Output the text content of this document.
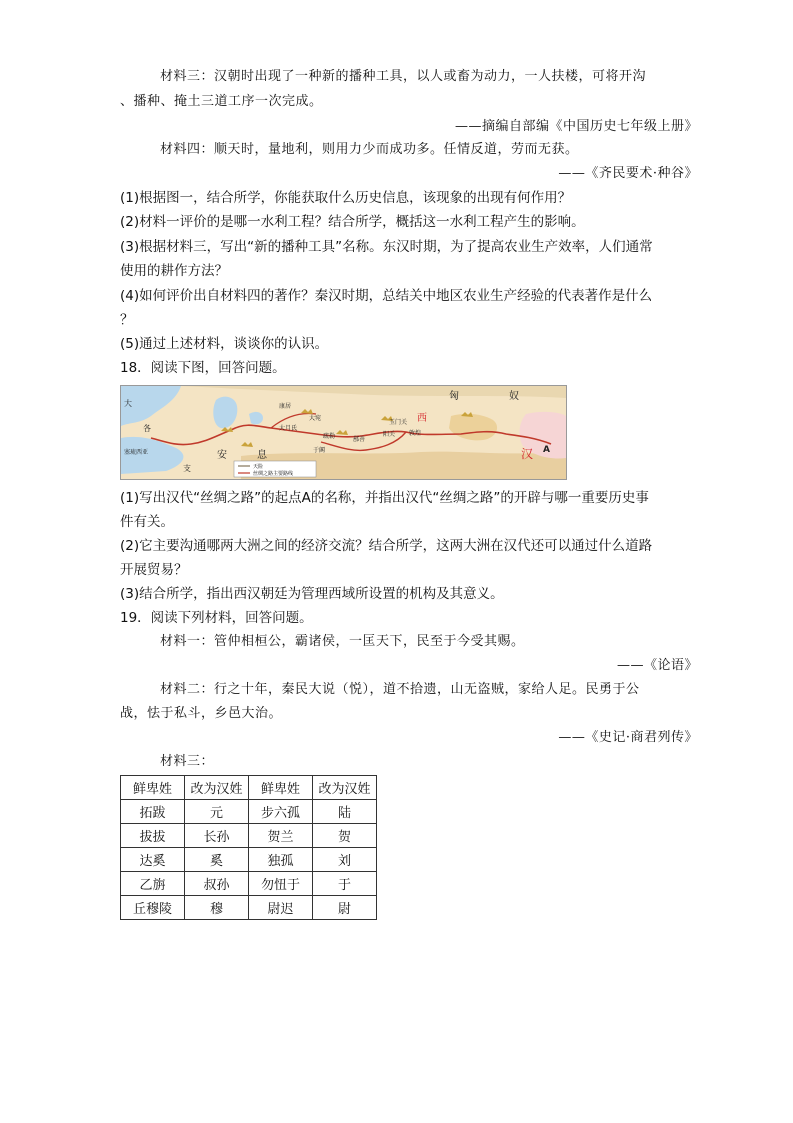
材料三：汉朝时出现了一种新的播种工具，以人或畜为动力，一人扶楼，可将开沟
、播种、掩土三道工序一次完成。
——摘编自部编《中国历史七年级上册》
材料四：顺天时，量地利，则用力少而成功多。任情反道，劳而无获。
——《齐民要术·种谷》
(1)根据图一，结合所学，你能获取什么历史信息，该现象的出现有何作用？
(2)材料一评价的是哪一水利工程？结合所学，概括这一水利工程产生的影响。
(3)根据材料三，写出“新的播种工具”名称。东汉时期，为了提高农业生产效率，人们通常
使用的耕作方法？
(4)如何评价出自材料四的著作？秦汉时期，总结关中地区农业生产经验的代表著作是什么
？
(5)通过上述材料，谈谈你的认识。
18．阅读下图，回答问题。
匈	奴
西
汉 A
安	息
支
康居
大宛
疏勒
玉门关
敦煌
阳关
鄯善
于阗
大月氏
各
大
塞琉西亚
天险
丝绸之路主要路线
(1)写出汉代“丝绸之路”的起点A的名称，并指出汉代“丝绸之路”的开辟与哪一重要历史事
件有关。
(2)它主要沟通哪两大洲之间的经济交流？结合所学，这两大洲在汉代还可以通过什么道路
开展贸易？
(3)结合所学，指出西汉朝廷为管理西域所设置的机构及其意义。
19．阅读下列材料，回答问题。
材料一：管仲相桓公，霸诸侯，一匡天下，民至于今受其赐。
——《论语》
材料二：行之十年，秦民大说（悦），道不拾遗，山无盗贼，家给人足。民勇于公
战，怯于私斗，乡邑大治。
——《史记·商君列传》
材料三：
鲜卑姓	改为汉姓	鲜卑姓	改为汉姓
拓跋	元	步六孤	陆
拔拔	长孙	贺兰	贺
达奚	奚	独孤	刘
乙旃	叔孙	勿忸于	于
丘穆陵	穆	尉迟	尉
